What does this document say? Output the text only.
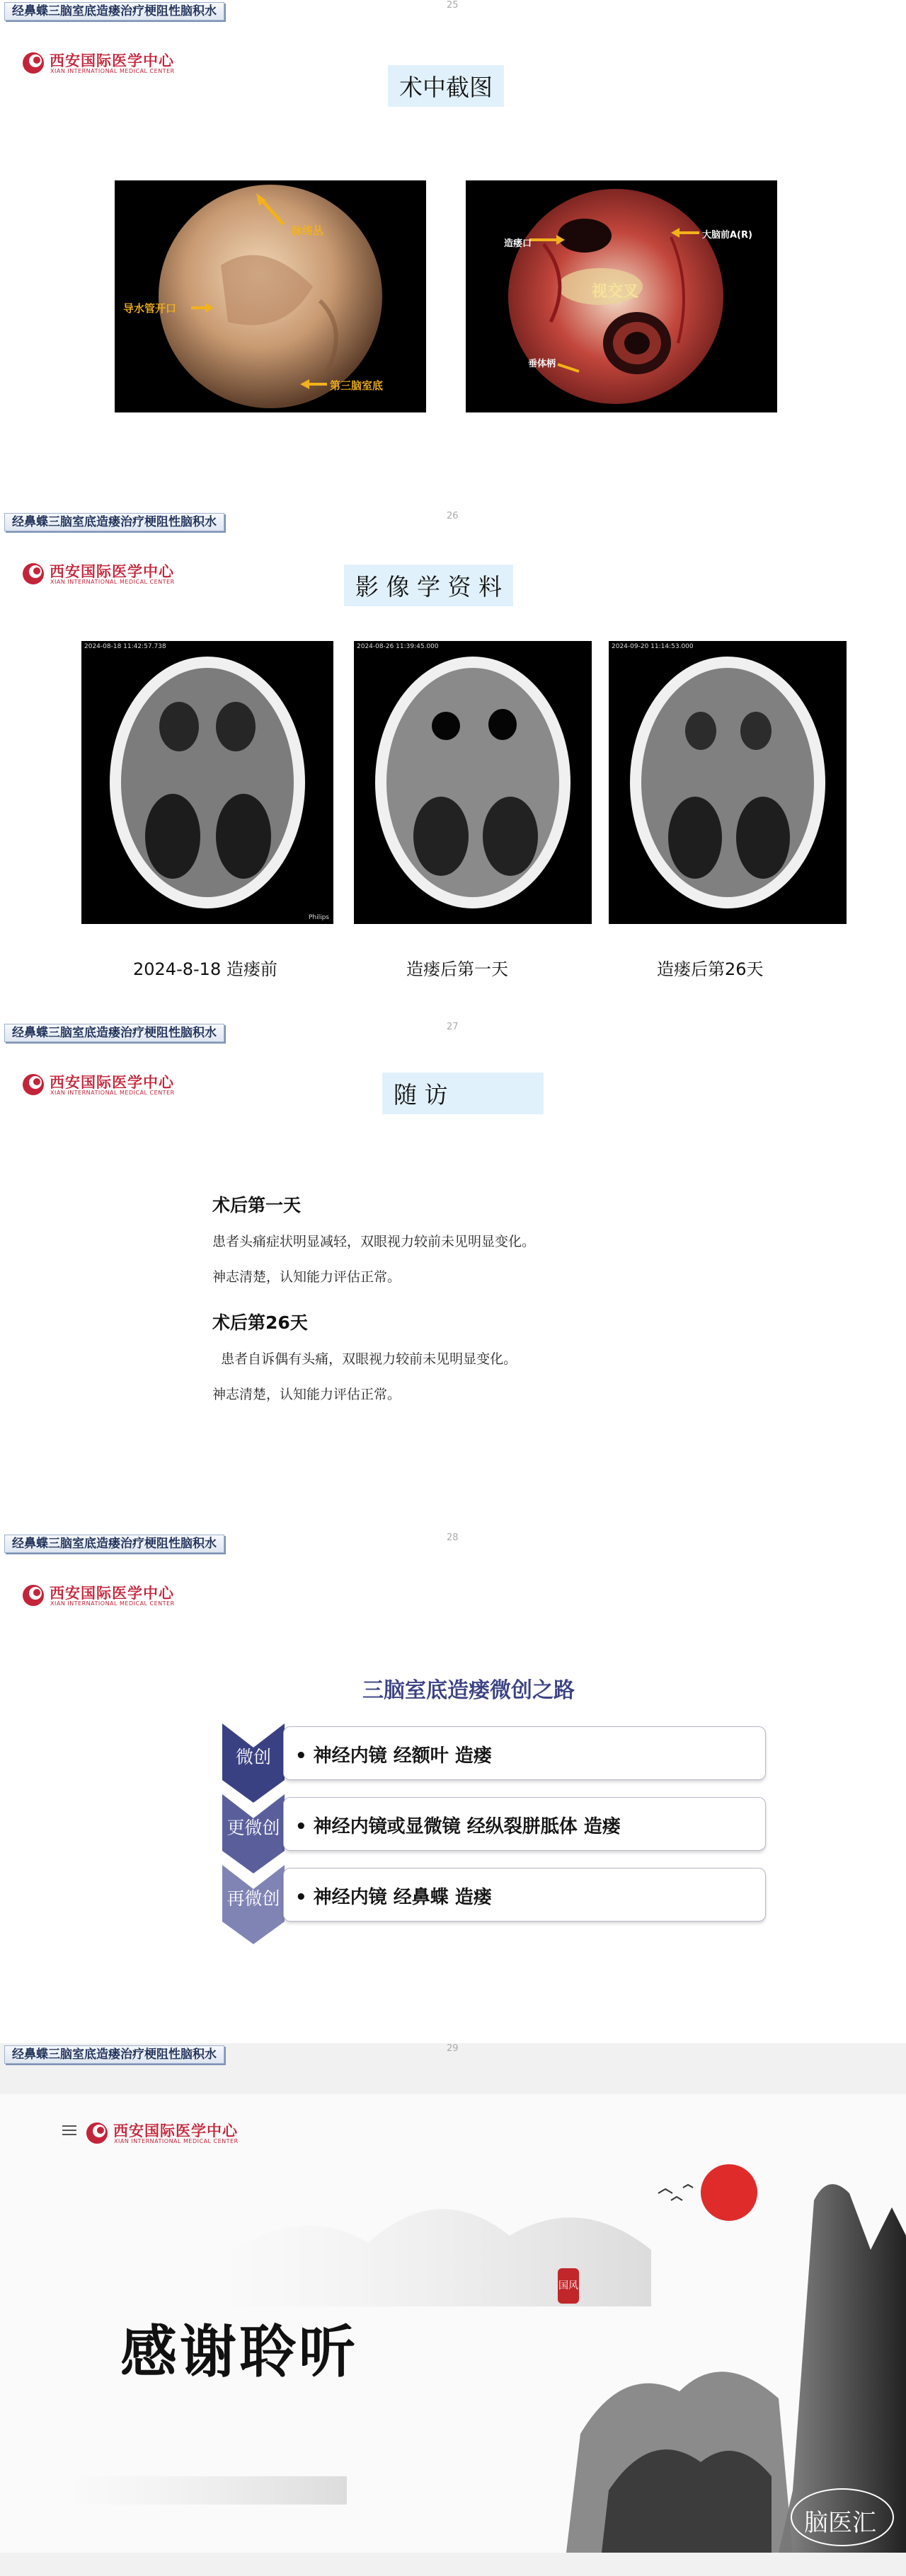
经鼻蝶三脑室底造瘘治疗梗阻性脑积水	25
西安国际医学中心
XIAN INTERNATIONAL MEDICAL CENTER
术中截图
脉络丛
导水管开口
第三脑室底
造瘘口
大脑前A(R)
视交叉
垂体柄
经鼻蝶三脑室底造瘘治疗梗阻性脑积水	26
西安国际医学中心
XIAN INTERNATIONAL MEDICAL CENTER	影 像 学 资 料
2024-08-18 11:42:57.738
Philips
2024-08-26 11:39:45.000	2024-09-20 11:14:53.000
2024-8-18 造瘘前	造瘘后第一天	造瘘后第26天
经鼻蝶三脑室底造瘘治疗梗阻性脑积水	27
西安国际医学中心
XIAN INTERNATIONAL MEDICAL CENTER	随 访
术后第一天
患者头痛症状明显减轻，双眼视力较前未见明显变化。
神志清楚，认知能力评估正常。
术后第26天
患者自诉偶有头痛，双眼视力较前未见明显变化。
神志清楚，认知能力评估正常。
经鼻蝶三脑室底造瘘治疗梗阻性脑积水	28
西安国际医学中心
XIAN INTERNATIONAL MEDICAL CENTER
三脑室底造瘘微创之路
微创
更微创
再微创
• 神经内镜 经额叶 造瘘
• 神经内镜或显微镜 经纵裂胼胝体 造瘘
• 神经内镜 经鼻蝶 造瘘
经鼻蝶三脑室底造瘘治疗梗阻性脑积水	29
西安国际医学中心
XIAN INTERNATIONAL MEDICAL CENTER
国风
感谢聆听
脑医汇
